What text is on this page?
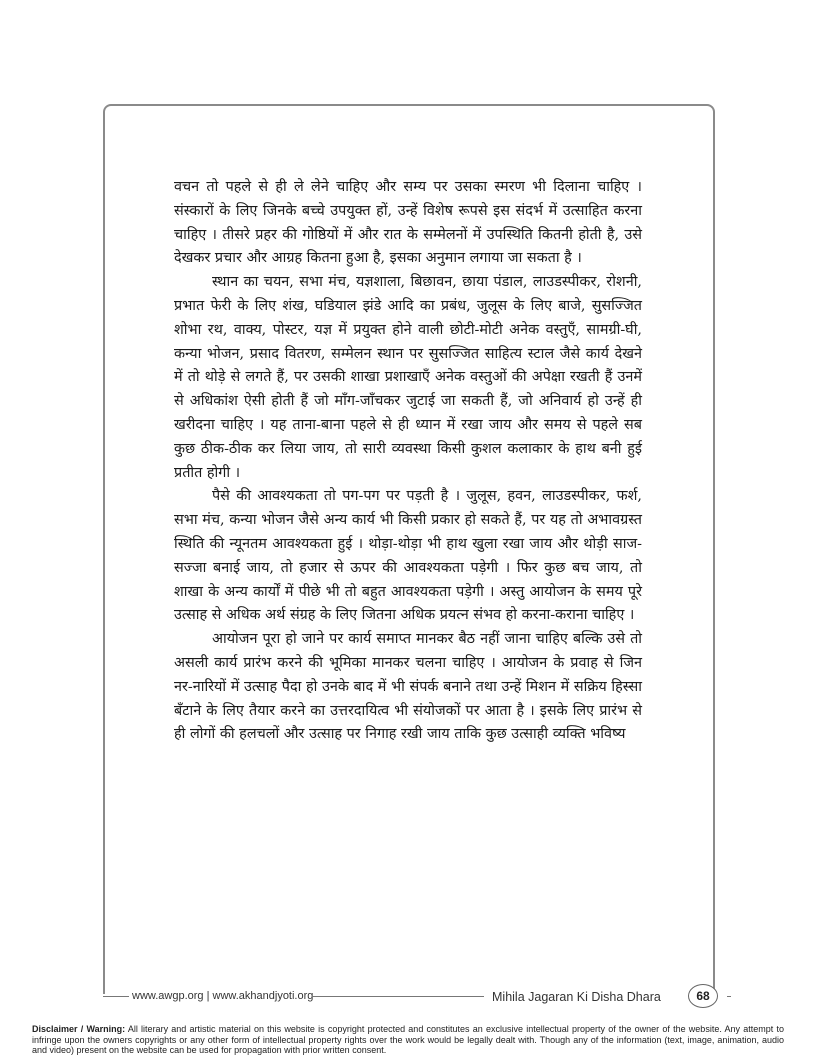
वचन तो पहले से ही ले लेने चाहिए और सम्य पर उसका स्मरण भी दिलाना चाहिए । संस्कारों के लिए जिनके बच्चे उपयुक्त हों, उन्हें विशेष रूपसे इस संदर्भ में उत्साहित करना चाहिए । तीसरे प्रहर की गोष्ठियों में और रात के सम्मेलनों में उपस्थिति कितनी होती है, उसे देखकर प्रचार और आग्रह कितना हुआ है, इसका अनुमान लगाया जा सकता है ।

स्थान का चयन, सभा मंच, यज्ञशाला, बिछावन, छाया पंडाल, लाउडस्पीकर, रोशनी, प्रभात फेरी के लिए शंख, घडियाल झंडे आदि का प्रबंध, जुलूस के लिए बाजे, सुसज्जित शोभा रथ, वाक्य, पोस्टर, यज्ञ में प्रयुक्त होने वाली छोटी-मोटी अनेक वस्तुएँ, सामग्री-घी, कन्या भोजन, प्रसाद वितरण, सम्मेलन स्थान पर सुसज्जित साहित्य स्टाल जैसे कार्य देखने में तो थोड़े से लगते हैं, पर उसकी शाखा प्रशाखाएँ अनेक वस्तुओं की अपेक्षा रखती हैं उनमें से अधिकांश ऐसी होती हैं जो माँग-जाँचकर जुटाई जा सकती हैं, जो अनिवार्य हो उन्हें ही खरीदना चाहिए । यह ताना-बाना पहले से ही ध्यान में रखा जाय और समय से पहले सब कुछ ठीक-ठीक कर लिया जाय, तो सारी व्यवस्था किसी कुशल कलाकार के हाथ बनी हुई प्रतीत होगी ।

पैसे की आवश्यकता तो पग-पग पर पड़ती है । जुलूस, हवन, लाउडस्पीकर, फर्श, सभा मंच, कन्या भोजन जैसे अन्य कार्य भी किसी प्रकार हो सकते हैं, पर यह तो अभावग्रस्त स्थिति की न्यूनतम आवश्यकता हुई । थोड़ा-थोड़ा भी हाथ खुला रखा जाय और थोड़ी साज-सज्जा बनाई जाय, तो हजार से ऊपर की आवश्यकता पड़ेगी । फिर कुछ बच जाय, तो शाखा के अन्य कार्यों में पीछे भी तो बहुत आवश्यकता पड़ेगी । अस्तु आयोजन के समय पूरे उत्साह से अधिक अर्थ संग्रह के लिए जितना अधिक प्रयत्न संभव हो करना-कराना चाहिए ।

आयोजन पूरा हो जाने पर कार्य समाप्त मानकर बैठ नहीं जाना चाहिए बल्कि उसे तो असली कार्य प्रारंभ करने की भूमिका मानकर चलना चाहिए । आयोजन के प्रवाह से जिन नर-नारियों में उत्साह पैदा हो उनके बाद में भी संपर्क बनाने तथा उन्हें मिशन में सक्रिय हिस्सा बँटाने के लिए तैयार करने का उत्तरदायित्व भी संयोजकों पर आता है । इसके लिए प्रारंभ से ही लोगों की हलचलों और उत्साह पर निगाह रखी जाय ताकि कुछ उत्साही व्यक्ति भविष्य

www.awgp.org | www.akhandjyoti.org	Mihila Jagaran Ki Disha Dhara	68
Disclaimer / Warning: All literary and artistic material on this website is copyright protected and constitutes an exclusive intellectual property of the owner of the website. Any attempt to infringe upon the owners copyrights or any other form of intellectual property rights over the work would be legally dealt with. Though any of the information (text, image, animation, audio and video) present on the website can be used for propagation with prior written consent.
